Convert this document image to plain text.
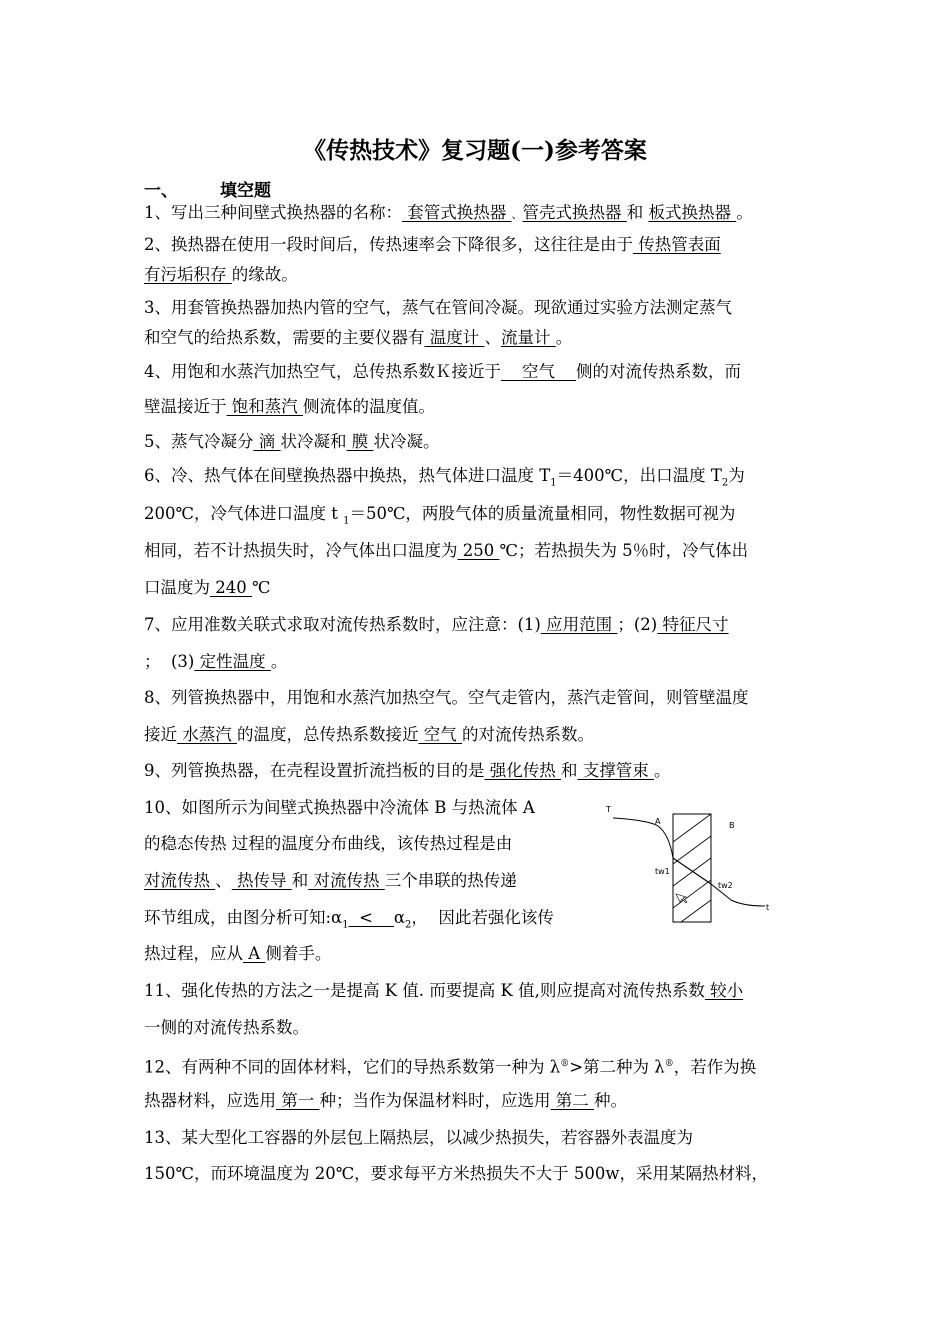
《传热技术》复习题(一)参考答案
一、 填空题
1、写出三种间壁式换热器的名称： 套管式换热器 、管壳式换热器 和 板式换热器 。
2、换热器在使用一段时间后，传热速率会下降很多，这往往是由于 传热管表面
有污垢积存 的缘故。
3、用套管换热器加热内管的空气，蒸气在管间冷凝。现欲通过实验方法测定蒸气
和空气的给热系数，需要的主要仪器有 温度计 、流量计 。
4、用饱和水蒸汽加热空气，总传热系数Ｋ接近于    空气    侧的对流传热系数，而
壁温接近于 饱和蒸汽 侧流体的温度值。
5、蒸气冷凝分 滴 状冷凝和 膜 状冷凝。
6、冷、热气体在间壁换热器中换热，热气体进口温度 $T_1=400℃$，出口温度 $T_2$为
200℃，冷气体进口温度 t $_1$＝50℃，两股气体的质量流量相同，物性数据可视为
相同，若不计热损失时，冷气体出口温度为 250 ℃；若热损失为 5％时，冷气体出
口温度为 240 ℃
7、应用准数关联式求取对流传热系数时，应注意：(1) 应用范围 ；(2) 特征尺寸
；  (3) 定性温度 。
8、列管换热器中，用饱和水蒸汽加热空气。空气走管内，蒸汽走管间，则管壁温度
接近 水蒸汽 的温度，总传热系数接近 空气 的对流传热系数。
9、列管换热器，在壳程设置折流挡板的目的是 强化传热 和 支撑管束 。
10、如图所示为间壁式换热器中冷流体 B 与热流体 A
的稳态传热 过程的温度分布曲线，该传热过程是由
对流传热 、 热传导 和 对流传热 三个串联的热传递
环节组成，由图分析可知$:\alpha_1$  <    $\alpha_2$，  因此若强化该传
热过程，应从 A 侧着手。
T
A	B
tw1
tw2
t
11、强化传热的方法之一是提高 K 值. 而要提高 K 值,则应提高对流传热系数 较小
一侧的对流传热系数。
12、有两种不同的固体材料，它们的导热系数第一种为 λ®>第二种为 λ®，若作为换
热器材料，应选用 第一 种；当作为保温材料时，应选用 第二 种。
13、某大型化工容器的外层包上隔热层，以减少热损失，若容器外表温度为
150℃，而环境温度为 20℃，要求每平方米热损失不大于 500w，采用某隔热材料，
